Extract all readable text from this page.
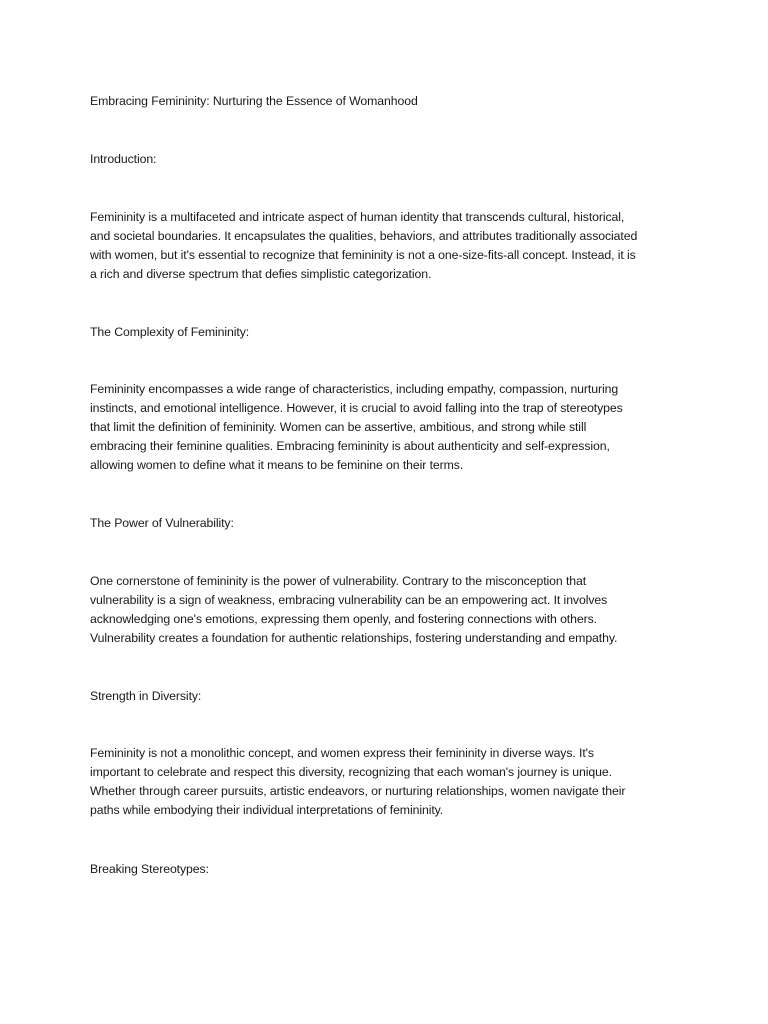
Embracing Femininity: Nurturing the Essence of Womanhood
Introduction:
Femininity is a multifaceted and intricate aspect of human identity that transcends cultural, historical,
and societal boundaries. It encapsulates the qualities, behaviors, and attributes traditionally associated
with women, but it's essential to recognize that femininity is not a one-size-fits-all concept. Instead, it is
a rich and diverse spectrum that defies simplistic categorization.
The Complexity of Femininity:
Femininity encompasses a wide range of characteristics, including empathy, compassion, nurturing
instincts, and emotional intelligence. However, it is crucial to avoid falling into the trap of stereotypes
that limit the definition of femininity. Women can be assertive, ambitious, and strong while still
embracing their feminine qualities. Embracing femininity is about authenticity and self-expression,
allowing women to define what it means to be feminine on their terms.
The Power of Vulnerability:
One cornerstone of femininity is the power of vulnerability. Contrary to the misconception that
vulnerability is a sign of weakness, embracing vulnerability can be an empowering act. It involves
acknowledging one's emotions, expressing them openly, and fostering connections with others.
Vulnerability creates a foundation for authentic relationships, fostering understanding and empathy.
Strength in Diversity:
Femininity is not a monolithic concept, and women express their femininity in diverse ways. It's
important to celebrate and respect this diversity, recognizing that each woman's journey is unique.
Whether through career pursuits, artistic endeavors, or nurturing relationships, women navigate their
paths while embodying their individual interpretations of femininity.
Breaking Stereotypes:
